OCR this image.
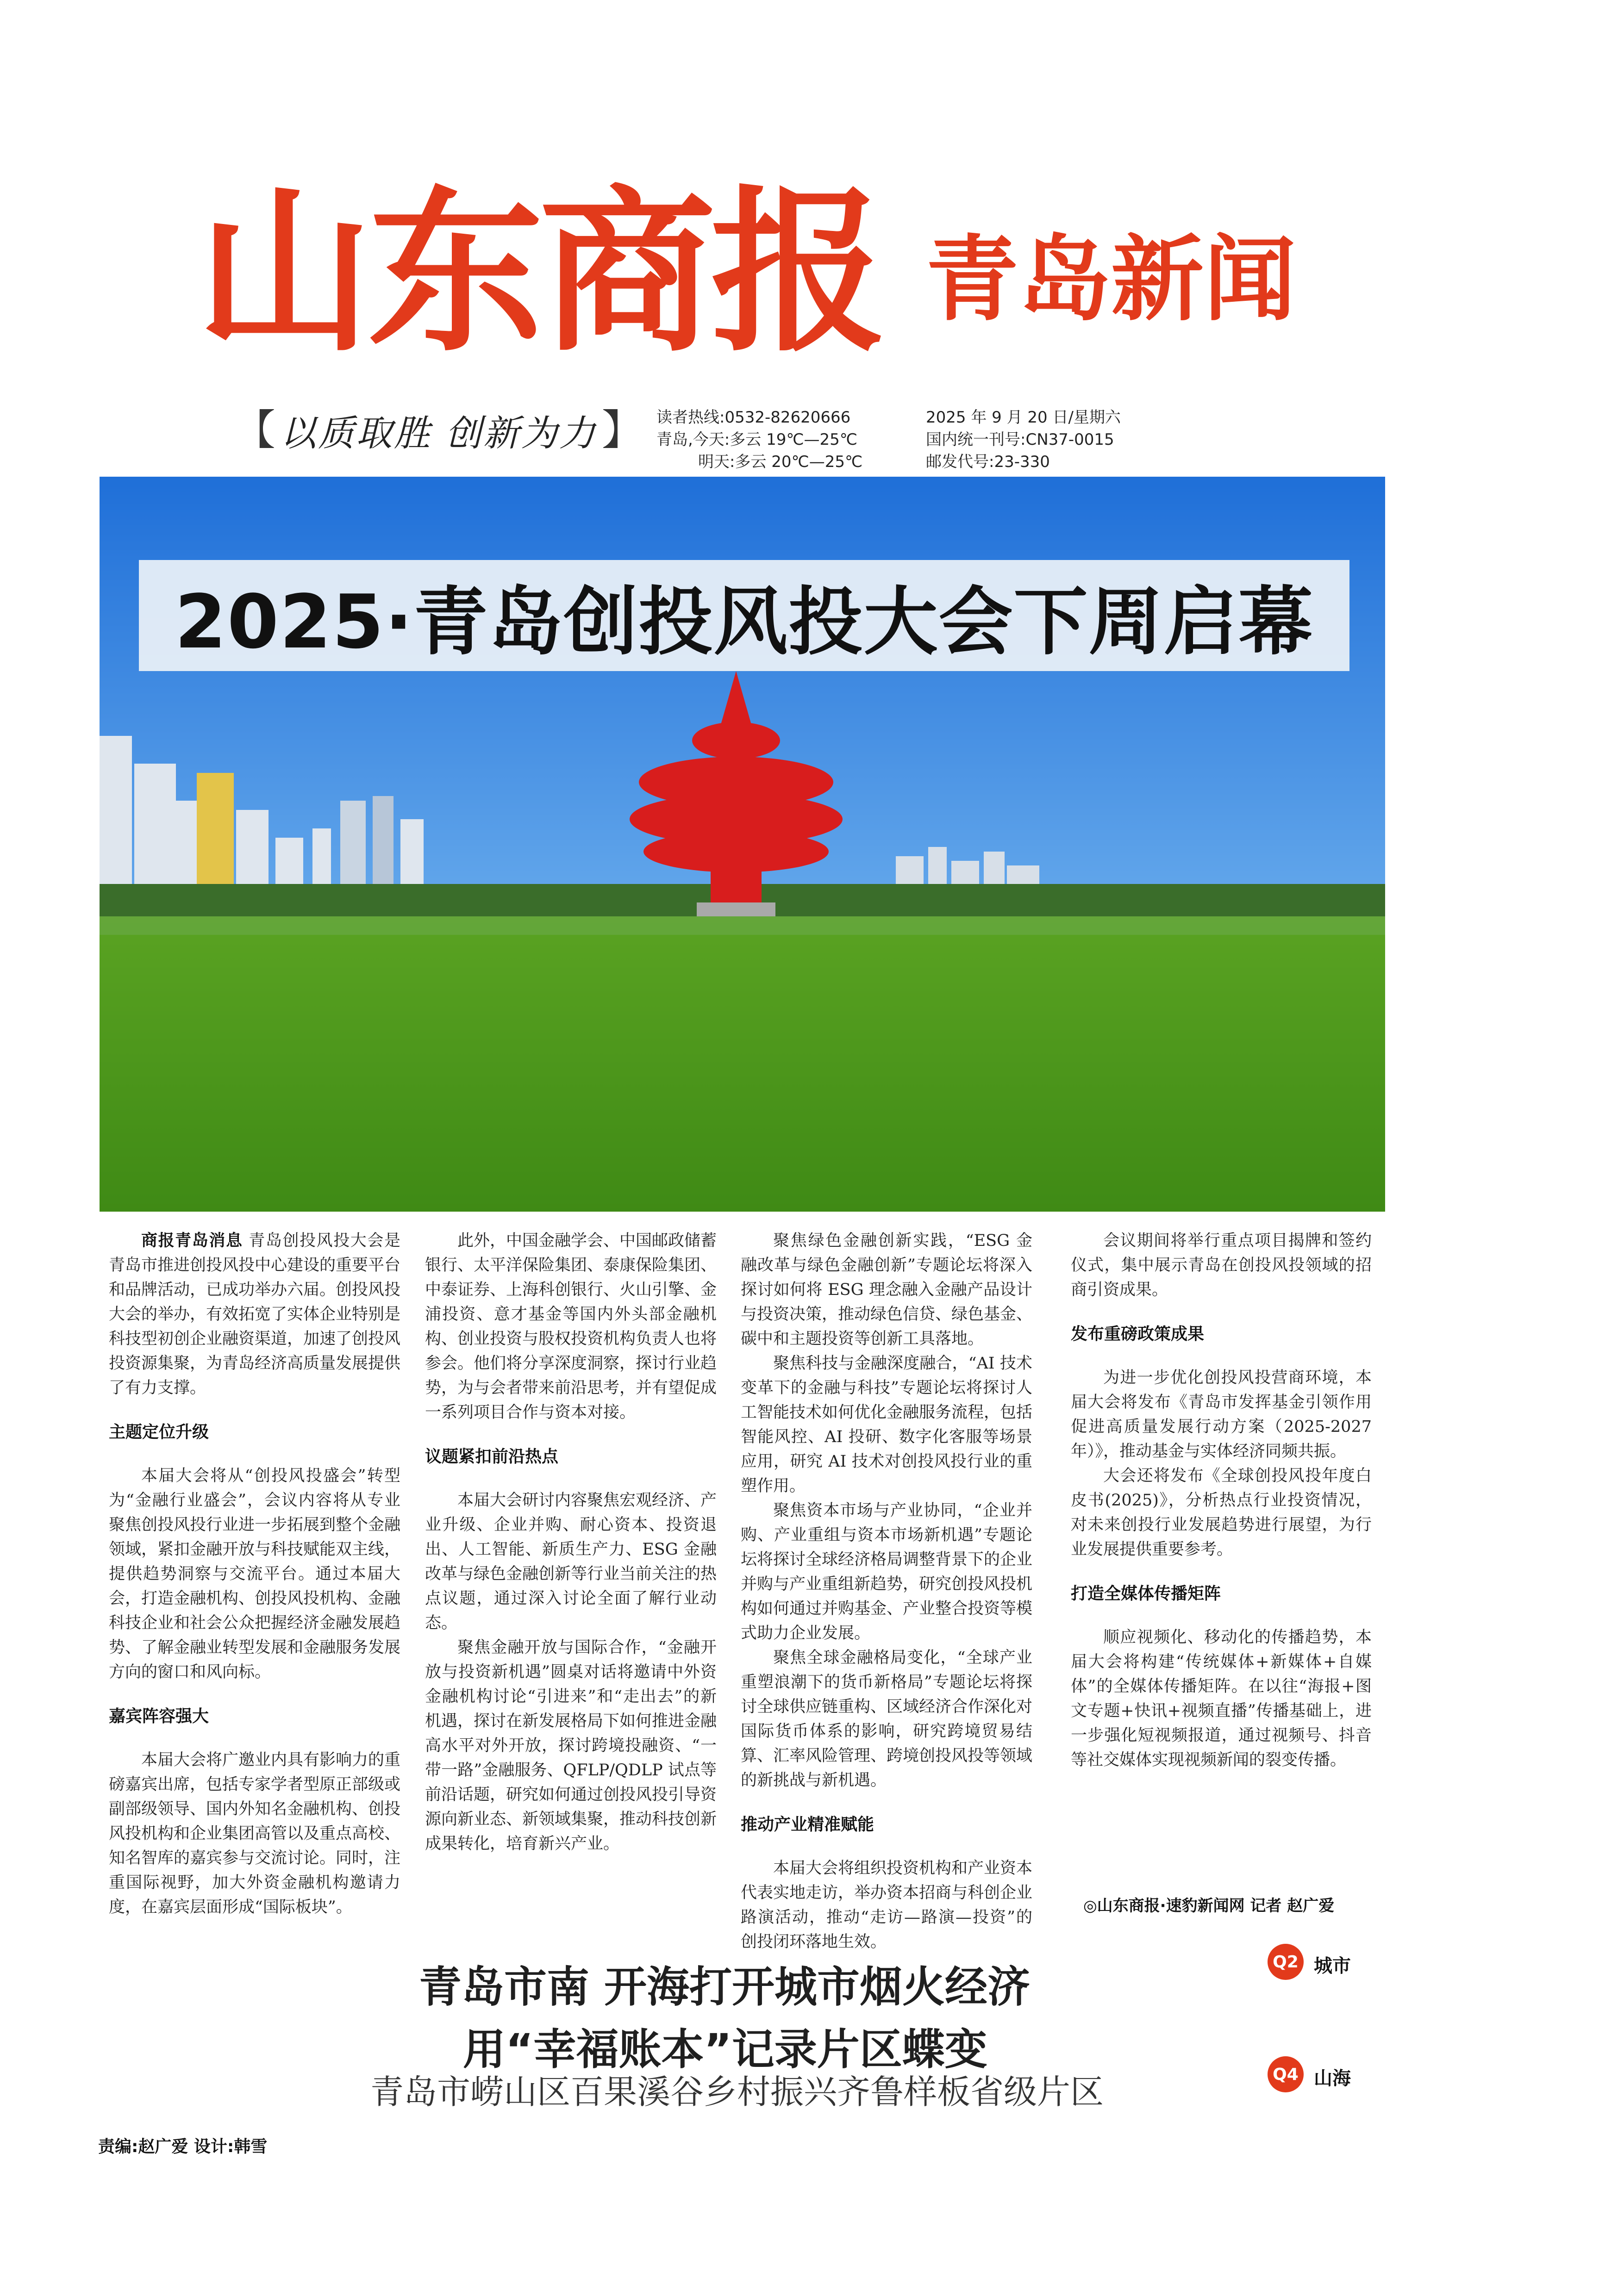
山东商报 青岛新闻
【 以质取胜 创新为力 】 读者热线:0532-82620666
青岛,今天:多云 19℃—25℃
明天:多云 20℃—25℃
2025 年 9 月 20 日/星期六
国内统一刊号:CN37-0015
邮发代号:23-330
2025·青岛创投风投大会下周启幕

商报青岛消息 青岛创投风投大会是青岛市推进创投风投中心建设的重要平台和品牌活动，已成功举办六届。创投风投大会的举办，有效拓宽了实体企业特别是科技型初创企业融资渠道，加速了创投风投资源集聚，为青岛经济高质量发展提供了有力支撑。

主题定位升级

本届大会将从“创投风投盛会”转型为“金融行业盛会”，会议内容将从专业聚焦创投风投行业进一步拓展到整个金融领域，紧扣金融开放与科技赋能双主线，提供趋势洞察与交流平台。通过本届大会，打造金融机构、创投风投机构、金融科技企业和社会公众把握经济金融发展趋势、了解金融业转型发展和金融服务发展方向的窗口和风向标。

嘉宾阵容强大

本届大会将广邀业内具有影响力的重磅嘉宾出席，包括专家学者型原正部级或副部级领导、国内外知名金融机构、创投风投机构和企业集团高管以及重点高校、知名智库的嘉宾参与交流讨论。同时，注重国际视野，加大外资金融机构邀请力度，在嘉宾层面形成“国际板块”。

此外，中国金融学会、中国邮政储蓄银行、太平洋保险集团、泰康保险集团、中泰证券、上海科创银行、火山引擎、金浦投资、意才基金等国内外头部金融机构、创业投资与股权投资机构负责人也将参会。他们将分享深度洞察，探讨行业趋势，为与会者带来前沿思考，并有望促成一系列项目合作与资本对接。

议题紧扣前沿热点

本届大会研讨内容聚焦宏观经济、产业升级、企业并购、耐心资本、投资退出、人工智能、新质生产力、ESG 金融改革与绿色金融创新等行业当前关注的热点议题，通过深入讨论全面了解行业动态。

聚焦金融开放与国际合作，“金融开放与投资新机遇”圆桌对话将邀请中外资金融机构讨论“引进来”和“走出去”的新机遇，探讨在新发展格局下如何推进金融高水平对外开放，探讨跨境投融资、“一带一路”金融服务、QFLP/QDLP 试点等前沿话题，研究如何通过创投风投引导资源向新业态、新领域集聚，推动科技创新成果转化，培育新兴产业。

聚焦绿色金融创新实践，“ESG 金融改革与绿色金融创新”专题论坛将深入探讨如何将 ESG 理念融入金融产品设计与投资决策，推动绿色信贷、绿色基金、碳中和主题投资等创新工具落地。

聚焦科技与金融深度融合，“AI 技术变革下的金融与科技”专题论坛将探讨人工智能技术如何优化金融服务流程，包括智能风控、AI 投研、数字化客服等场景应用，研究 AI 技术对创投风投行业的重塑作用。

聚焦资本市场与产业协同，“企业并购、产业重组与资本市场新机遇”专题论坛将探讨全球经济格局调整背景下的企业并购与产业重组新趋势，研究创投风投机构如何通过并购基金、产业整合投资等模式助力企业发展。

聚焦全球金融格局变化，“全球产业重塑浪潮下的货币新格局”专题论坛将探讨全球供应链重构、区域经济合作深化对国际货币体系的影响，研究跨境贸易结算、汇率风险管理、跨境创投风投等领域的新挑战与新机遇。

推动产业精准赋能

本届大会将组织投资机构和产业资本代表实地走访，举办资本招商与科创企业路演活动，推动“走访—路演—投资”的创投闭环落地生效。

会议期间将举行重点项目揭牌和签约仪式，集中展示青岛在创投风投领域的招商引资成果。

发布重磅政策成果

为进一步优化创投风投营商环境，本届大会将发布《青岛市发挥基金引领作用促进高质量发展行动方案（2025-2027 年）》，推动基金与实体经济同频共振。

大会还将发布《全球创投风投年度白皮书(2025)》，分析热点行业投资情况，对未来创投行业发展趋势进行展望，为行业发展提供重要参考。

打造全媒体传播矩阵

顺应视频化、移动化的传播趋势，本届大会将构建“传统媒体+新媒体+自媒体”的全媒体传播矩阵。在以往“海报+图文专题+快讯+视频直播”传播基础上，进一步强化短视频报道，通过视频号、抖音等社交媒体实现视频新闻的裂变传播。

◎山东商报·速豹新闻网 记者 赵广爱
青岛市南 开海打开城市烟火经济
用“幸福账本”记录片区蝶变
青岛市崂山区百果溪谷乡村振兴齐鲁样板省级片区
Q2 城市
Q4 山海
责编:赵广爱 设计:韩雪
